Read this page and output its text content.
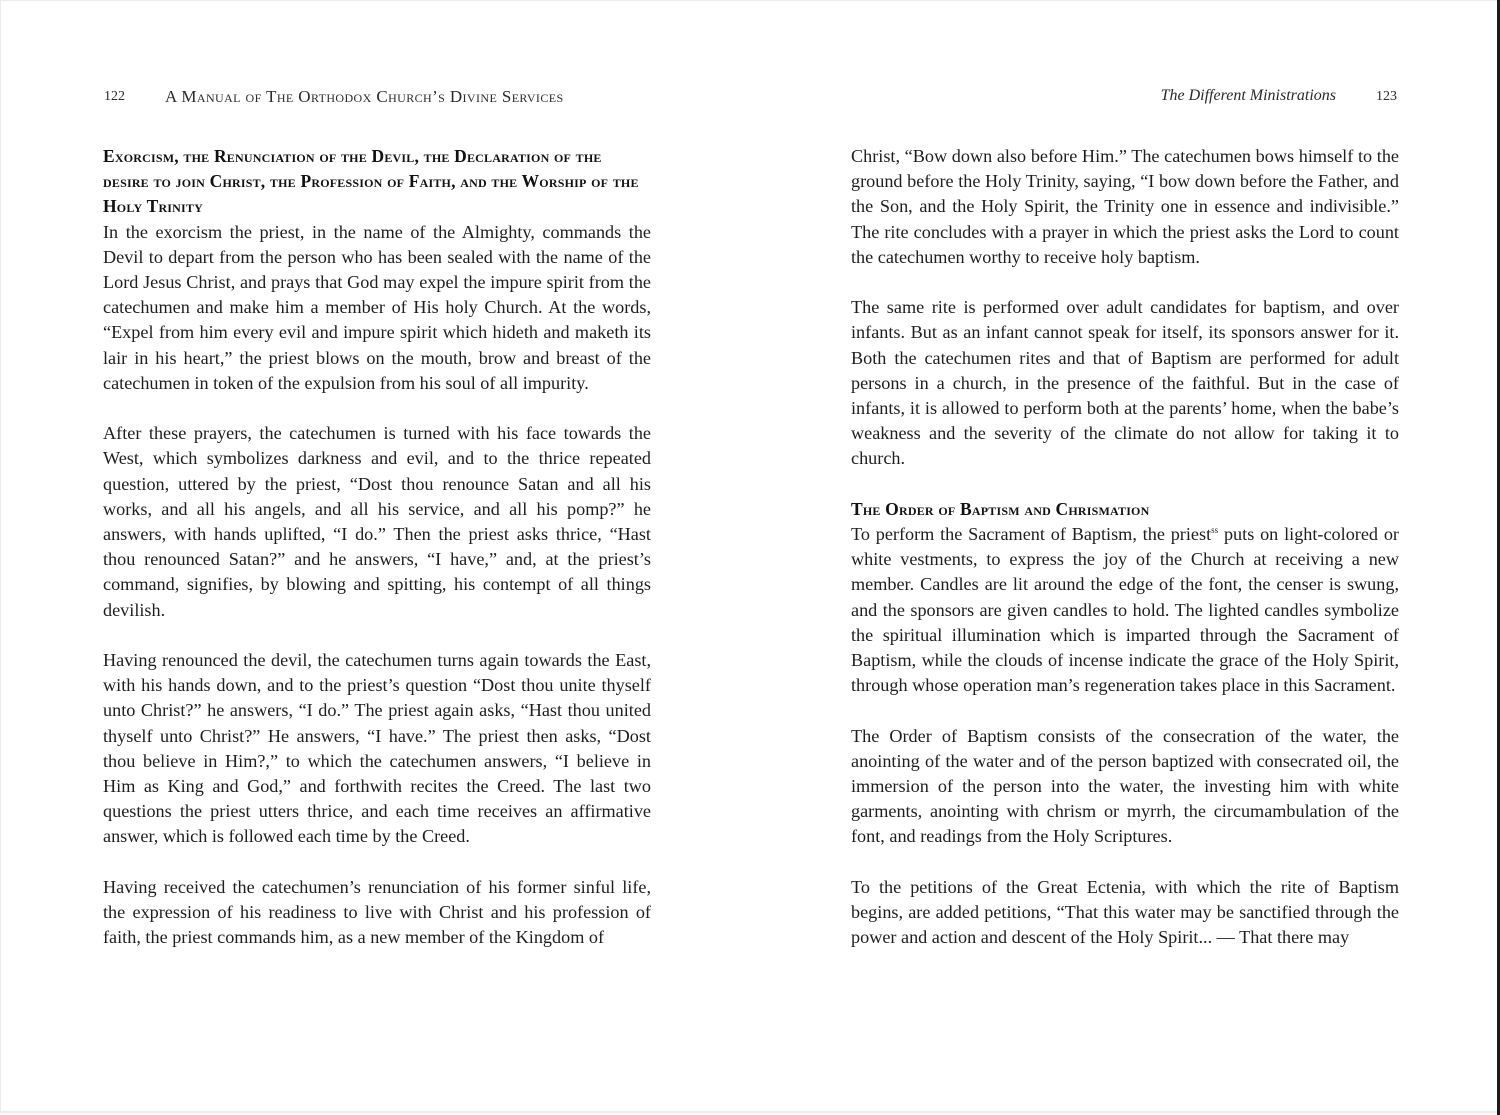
122 A Manual of The Orthodox Church’s Divine Services
Exorcism, the Renunciation of the Devil, the Declaration of the desire to join Christ, the Profession of Faith, and the Worship of the Holy Trinity

In the exorcism the priest, in the name of the Almighty, commands the Devil to depart from the person who has been sealed with the name of the Lord Jesus Christ, and prays that God may expel the impure spirit from the catechumen and make him a member of His holy Church. At the words, “Expel from him every evil and impure spirit which hideth and maketh its lair in his heart,” the priest blows on the mouth, brow and breast of the catechumen in token of the expulsion from his soul of all impurity.

After these prayers, the catechumen is turned with his face towards the West, which symbolizes darkness and evil, and to the thrice repeated question, uttered by the priest, “Dost thou renounce Satan and all his works, and all his angels, and all his service, and all his pomp?” he answers, with hands uplifted, “I do.” Then the priest asks thrice, “Hast thou renounced Satan?” and he answers, “I have,” and, at the priest’s command, signifies, by blowing and spitting, his contempt of all things devilish.

Having renounced the devil, the catechumen turns again towards the East, with his hands down, and to the priest’s question “Dost thou unite thyself unto Christ?” he answers, “I do.” The priest again asks, “Hast thou united thyself unto Christ?” He answers, “I have.” The priest then asks, “Dost thou believe in Him?,” to which the catechumen answers, “I believe in Him as King and God,” and forthwith recites the Creed. The last two questions the priest utters thrice, and each time receives an affirmative answer, which is followed each time by the Creed.

Having received the catechumen’s renunciation of his former sinful life, the expression of his readiness to live with Christ and his profession of faith, the priest commands him, as a new member of the Kingdom of

The Different Ministrations	123

Christ, “Bow down also before Him.” The catechumen bows himself to the ground before the Holy Trinity, saying, “I bow down before the Father, and the Son, and the Holy Spirit, the Trinity one in essence and indivisible.” The rite concludes with a prayer in which the priest asks the Lord to count the catechumen worthy to receive holy baptism.

The same rite is performed over adult candidates for baptism, and over infants. But as an infant cannot speak for itself, its sponsors answer for it. Both the catechumen rites and that of Baptism are performed for adult persons in a church, in the presence of the faithful. But in the case of infants, it is allowed to perform both at the parents’ home, when the babe’s weakness and the severity of the climate do not allow for taking it to church.

The Order of Baptism and Chrismation

To perform the Sacrament of Baptism, the priest$^{ss}$ puts on light-colored or white vestments, to express the joy of the Church at receiving a new member. Candles are lit around the edge of the font, the censer is swung, and the sponsors are given candles to hold. The lighted candles symbolize the spiritual illumination which is imparted through the Sacrament of Baptism, while the clouds of incense indicate the grace of the Holy Spirit, through whose operation man’s regeneration takes place in this Sacrament.

The Order of Baptism consists of the consecration of the water, the anointing of the water and of the person baptized with consecrated oil, the immersion of the person into the water, the investing him with white garments, anointing with chrism or myrrh, the circumambulation of the font, and readings from the Holy Scriptures.

To the petitions of the Great Ectenia, with which the rite of Baptism begins, are added petitions, “That this water may be sanctified through the power and action and descent of the Holy Spirit... — That there may
